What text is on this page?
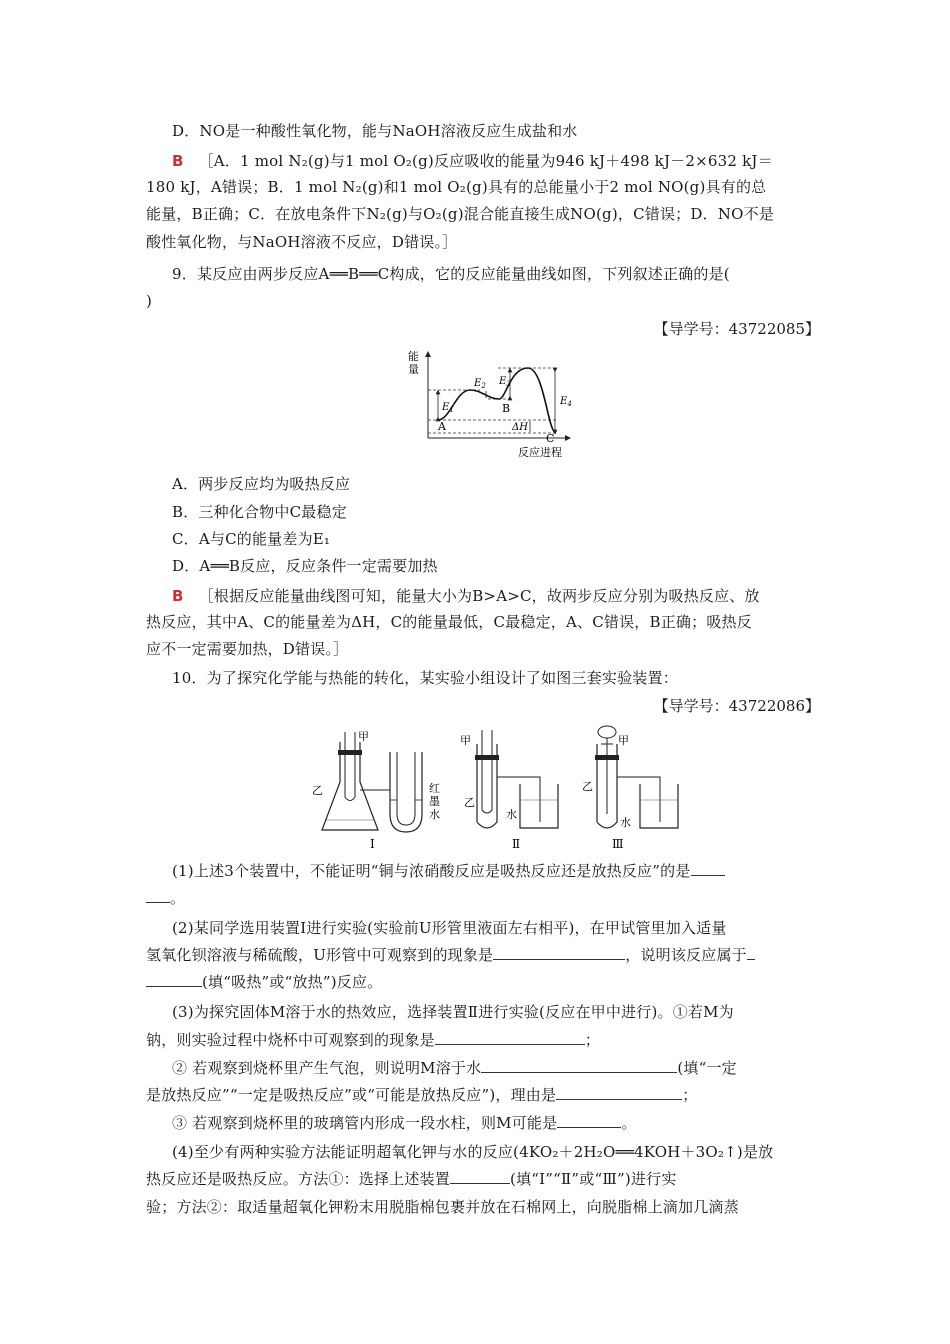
D．NO是一种酸性氧化物，能与NaOH溶液反应生成盐和水
B ［A．1 mol N₂(g)与1 mol O₂(g)反应吸收的能量为946 kJ＋498 kJ－2×632 kJ＝
180 kJ，A错误；B．1 mol N₂(g)和1 mol O₂(g)具有的总能量小于2 mol NO(g)具有的总
能量，B正确；C．在放电条件下N₂(g)与O₂(g)混合能直接生成NO(g)，C错误；D．NO不是
酸性氧化物，与NaOH溶液不反应，D错误。］
9．某反应由两步反应A══B══C构成，它的反应能量曲线如图，下列叙述正确的是(
)
【导学号：43722085】
能
量
反应进程
A
B
C
$E_1$
$E_2$ $E_3$
$E_4$
ΔH
A．两步反应均为吸热反应
B．三种化合物中C最稳定
C．A与C的能量差为E₁
D．A══B反应，反应条件一定需要加热
B ［根据反应能量曲线图可知，能量大小为B>A>C，故两步反应分别为吸热反应、放
热反应，其中A、C的能量差为ΔH，C的能量最低，C最稳定，A、C错误，B正确；吸热反
应不一定需要加热，D错误。］
10．为了探究化学能与热能的转化，某实验小组设计了如图三套实验装置：
【导学号：43722086】
甲
乙	红
墨
水
Ⅰ
甲
乙
水
Ⅱ
甲
乙
水
Ⅲ
(1)上述3个装置中，不能证明“铜与浓硝酸反应是吸热反应还是放热反应”的是
。
(2)某同学选用装置Ⅰ进行实验(实验前U形管里液面左右相平)，在甲试管里加入适量
氢氧化钡溶液与稀硫酸，U形管中可观察到的现象是	，说明该反应属于
(填“吸热”或“放热”)反应。
(3)为探究固体M溶于水的热效应，选择装置Ⅱ进行实验(反应在甲中进行)。①若M为
钠，则实验过程中烧杯中可观察到的现象是	；
② 若观察到烧杯里产生气泡，则说明M溶于水	(填“一定
是放热反应”“一定是吸热反应”或“可能是放热反应”)，理由是	；
③ 若观察到烧杯里的玻璃管内形成一段水柱，则M可能是	。
(4)至少有两种实验方法能证明超氧化钾与水的反应(4KO₂＋2H₂O══4KOH＋3O₂↑)是放
热反应还是吸热反应。方法①：选择上述装置	(填“Ⅰ”“Ⅱ”或“Ⅲ”)进行实
验；方法②：取适量超氧化钾粉末用脱脂棉包裹并放在石棉网上，向脱脂棉上滴加几滴蒸
